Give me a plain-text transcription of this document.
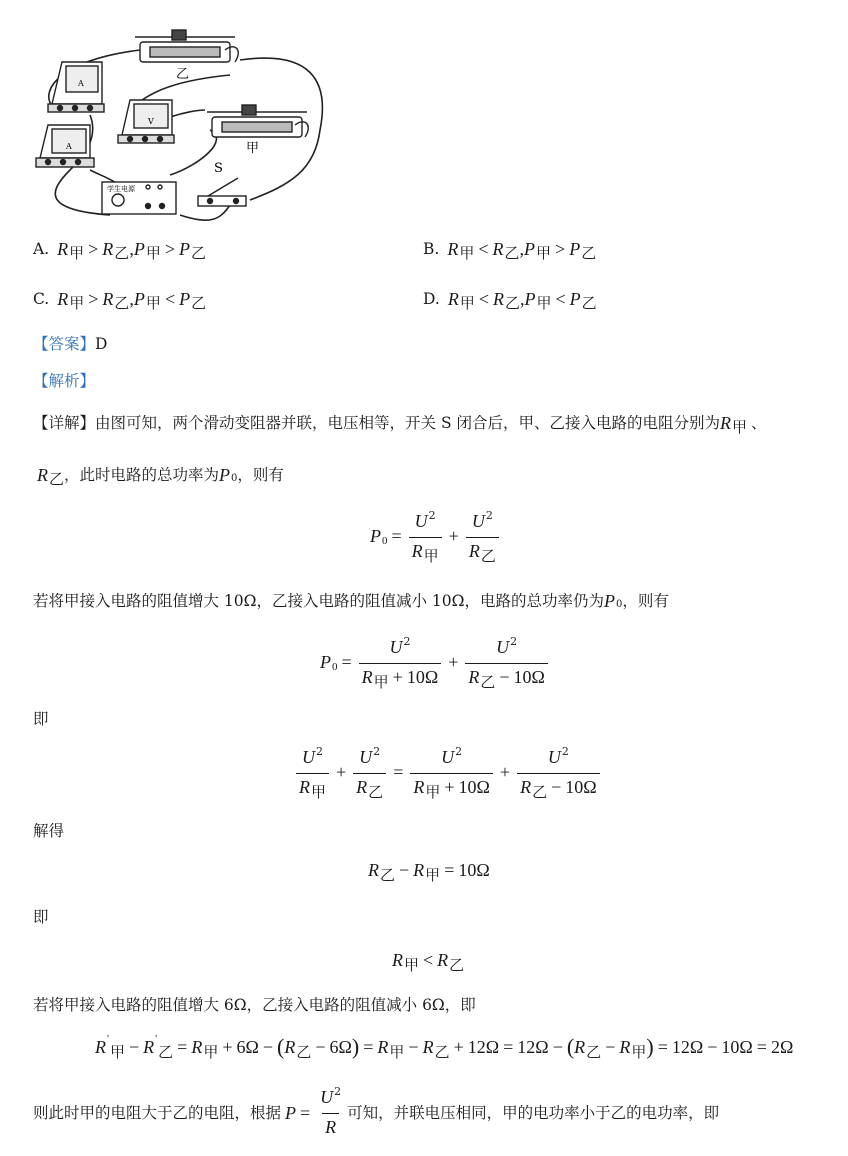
乙
甲
A
V
A
学生电源
S
A. R 甲 > R 乙 , P 甲 > P 乙	B. R 甲 < R 乙 , P 甲 > P 乙
C. R 甲 > R 乙 , P 甲 < P 乙	D. R 甲 < R 乙 , P 甲 < P 乙
【答案】D
【解析】
【详解】 由图可知，两个滑动变阻器并联，电压相等，开关 S 闭合后，甲、乙接入电路的电阻分别为 R 甲 、
R 乙 ，此时电路的总功率为 P 0 ，则有
P $0 = \frac{U^2}{\text{R甲}} + \frac{U^2}{\text{R乙}}$
若将甲接入电路的阻值增大 10Ω，乙接入电路的阻值减小 10Ω，电路的总功率仍为 P 0 ，则有
P $0 = \frac{U^2}{\text{R甲 + 10Ω}} + \frac{U^2}{\text{R乙 − 10Ω}}$
即
$\frac{U^2}{\text{R甲}} + \frac{U^2}{\text{R乙}} = \frac{U^2}{\text{R甲 + 10Ω}} + \frac{U^2}{\text{R乙 − 10Ω}}$
解得
R 乙 − R 甲 = 10Ω
即
R 甲 < R 乙
若将甲接入电路的阻值增大 6Ω，乙接入电路的阻值减小 6Ω，即
R '
甲 − R '
乙 = R 甲 + 6Ω − ( R 乙 − 6Ω ) = R 甲 − R 乙 + 12Ω = 12Ω − ( R 乙 − R 甲 ) = 12Ω − 10Ω = 2Ω
则此时甲的电阻大于乙的电阻，根据 $P = \frac{U^2}{R}$ 可知，并联电压相同，甲的电功率小于乙的电功率，即
